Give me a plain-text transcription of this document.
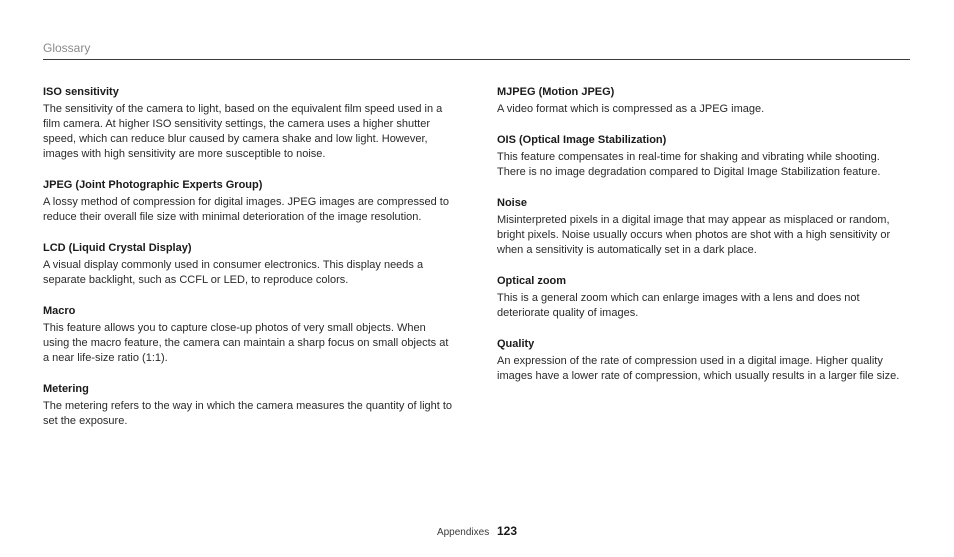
Glossary
ISO sensitivity
The sensitivity of the camera to light, based on the equivalent film speed used in a film camera. At higher ISO sensitivity settings, the camera uses a higher shutter speed, which can reduce blur caused by camera shake and low light. However, images with high sensitivity are more susceptible to noise.
JPEG (Joint Photographic Experts Group)
A lossy method of compression for digital images. JPEG images are compressed to reduce their overall file size with minimal deterioration of the image resolution.
LCD (Liquid Crystal Display)
A visual display commonly used in consumer electronics. This display needs a separate backlight, such as CCFL or LED, to reproduce colors.
Macro
This feature allows you to capture close-up photos of very small objects. When using the macro feature, the camera can maintain a sharp focus on small objects at a near life-size ratio (1:1).
Metering
The metering refers to the way in which the camera measures the quantity of light to set the exposure.
MJPEG (Motion JPEG)
A video format which is compressed as a JPEG image.
OIS (Optical Image Stabilization)
This feature compensates in real-time for shaking and vibrating while shooting. There is no image degradation compared to Digital Image Stabilization feature.
Noise
Misinterpreted pixels in a digital image that may appear as misplaced or random, bright pixels. Noise usually occurs when photos are shot with a high sensitivity or when a sensitivity is automatically set in a dark place.
Optical zoom
This is a general zoom which can enlarge images with a lens and does not deteriorate quality of images.
Quality
An expression of the rate of compression used in a digital image. Higher quality images have a lower rate of compression, which usually results in a larger file size.
Appendixes 123
